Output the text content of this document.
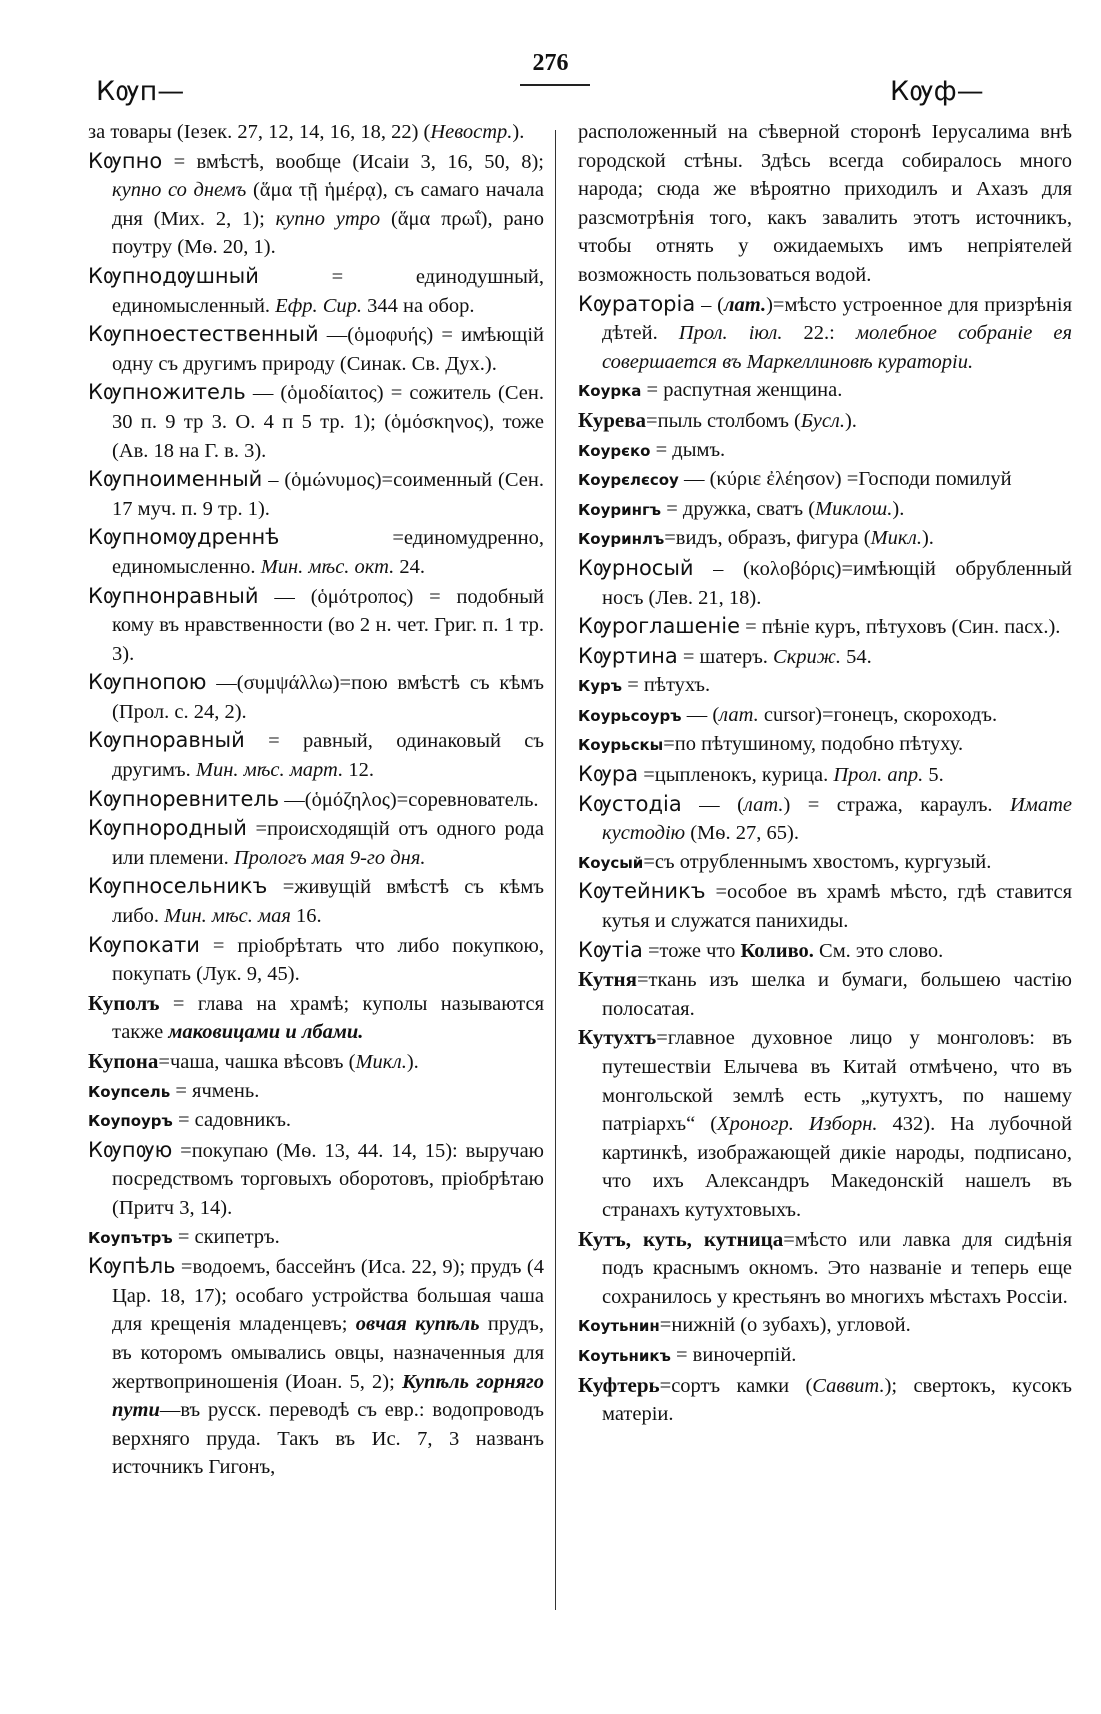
276
Кѹп—	Кѹф—

за товары (Iезек. 27, 12, 14, 16, 18, 22) (Невостр.).

Кѹпно = вмѣстѣ, вообще (Исаiи 3, 16, 50, 8); купно со днемъ (ἅμα τῇ ἡμέρᾳ), съ самаго начала дня (Мих. 2, 1); купно утро (ἅμα πρωΐ), рано поутру (Мѳ. 20, 1).

Кѹпнодѹшный = единодушный, единомысленный. Ефр. Сир. 344 на обор.

Кѹпноестественный —(ὁμοφυής) = имѣющiй одну съ другимъ природу (Синак. Св. Дух.).

Кѹпножитель — (ὁμοδίαιτος) = сожитель (Сен. 30 п. 9 тр 3. О. 4 п 5 тр. 1); (ὁμόσκηνος), тоже (Ав. 18 на Г. в. 3).

Кѹпноименный – (ὁμώνυμος)=соименный (Сен. 17 муч. п. 9 тр. 1).

Кѹпномѹдреннѣ =единомудренно, единомысленно. Мин. мѣс. окт. 24.

Кѹпнонравный — (ὁμότροπος) = подобный кому въ нравственности (во 2 н. чет. Григ. п. 1 тр. 3).

Кѹпнопою —(συμψάλλω)=пою вмѣстѣ съ кѣмъ (Прол. с. 24, 2).

Кѹпноравный = равный, одинаковый съ другимъ. Мин. мѣс. март. 12.

Кѹпноревнитель —(ὁμόζηλος)=соревнователь.

Кѹпнородный =происходящiй отъ одного рода или племени. Прологъ мая 9-го дня.

Кѹпносельникъ =живущiй вмѣстѣ съ кѣмъ либо. Мин. мѣс. мая 16.

Кѹпокати = прiобрѣтать что либо покупкою, покупать (Лук. 9, 45).

Куполъ = глава на храмѣ; куполы называются также маковицами и лбами.

Купона=чаша, чашка вѣсовъ (Микл.).

Коупсель = ячмень.

Коупоуръ = садовникъ.

Кѹпѹю =покупаю (Мѳ. 13, 44. 14, 15): выручаю посредствомъ торговыхъ оборотовъ, прiобрѣтаю (Притч 3, 14).

Коупътръ = скипетръ.

Кѹпѣль =водоемъ, бассейнъ (Иса. 22, 9); прудъ (4 Цар. 18, 17); особаго устройства большая чаша для крещенiя младенцевъ; овчая купѣль прудъ, въ которомъ омывались овцы, назначенныя для жертвоприношенiя (Иоан. 5, 2); Купѣль горняго пути—въ русск. переводѣ съ евр.: водопроводъ верхняго пруда. Такъ въ Ис. 7, 3 названъ источникъ Гигонъ,

расположенный на сѣверной сторонѣ Iерусалима внѣ городской стѣны. Здѣсь всегда собиралось много народа; сюда же вѣроятно приходилъ и Ахазъ для разсмотрѣнiя того, какъ завалить этотъ источникъ, чтобы отнять у ожидаемыхъ имъ непрiятелей возможность пользоваться водой.

Кѹраторiа – (лат.)=мѣсто устроенное для призрѣнiя дѣтей. Прол. iюл. 22.: молебное собранiе ея совершается въ Маркеллиновѣ кураторiи.

Коурка = распутная женщина.

Курева=пыль столбомъ (Бусл.).

Коурєко = дымъ.

Коурєлєсоу — (κύριε ἐλέησον) =Господи помилуй

Коурингъ = дружка, сватъ (Миклош.).

Коуринлъ=видъ, образъ, фигура (Микл.).

Кѹрносый – (κολοβόρις)=имѣющiй обрубленный носъ (Лев. 21, 18).

Кѹроглашенiе = пѣнiе куръ, пѣтуховъ (Син. пасх.).

Кѹртина = шатеръ. Скриж. 54.

Куръ = пѣтухъ.

Коурьсоуръ — (лат. cursor)=гонецъ, скороходъ.

Коурьскы=по пѣтушиному, подобно пѣтуху.

Кѹра =цыпленокъ, курица. Прол. апр. 5.

Кѹстодiа — (лат.) = стража, караулъ. Имате кустодiю (Мѳ. 27, 65).

Коусый=съ отрубленнымъ хвостомъ, кургузый.

Кѹтейникъ =особое въ храмѣ мѣсто, гдѣ ставится кутья и служатся панихиды.

Кѹтiа =тоже что Коливо. См. это слово.

Кутня=ткань изъ шелка и бумаги, большею частiю полосатая.

Кутухтъ=главное духовное лицо у монголовъ: въ путешествiи Елычева въ Китай отмѣчено, что въ монгольской землѣ есть „кутухтъ, по нашему патрiархъ“ (Хроногр. Изборн. 432). На лубочной картинкѣ, изображающей дикiе народы, подписано, что ихъ Александръ Македонскiй нашелъ въ странахъ кутухтовыхъ.

Кутъ, куть, кутница=мѣсто или лавка для сидѣнiя подъ краснымъ окномъ. Это названiе и теперь еще сохранилось у крестьянъ во многихъ мѣстахъ Россiи.

Коутьнин=нижнiй (о зубахъ), угловой.

Коутьникъ = виночерпiй.

Куфтерь=сортъ камки (Саввит.); свертокъ, кусокъ матерiи.
